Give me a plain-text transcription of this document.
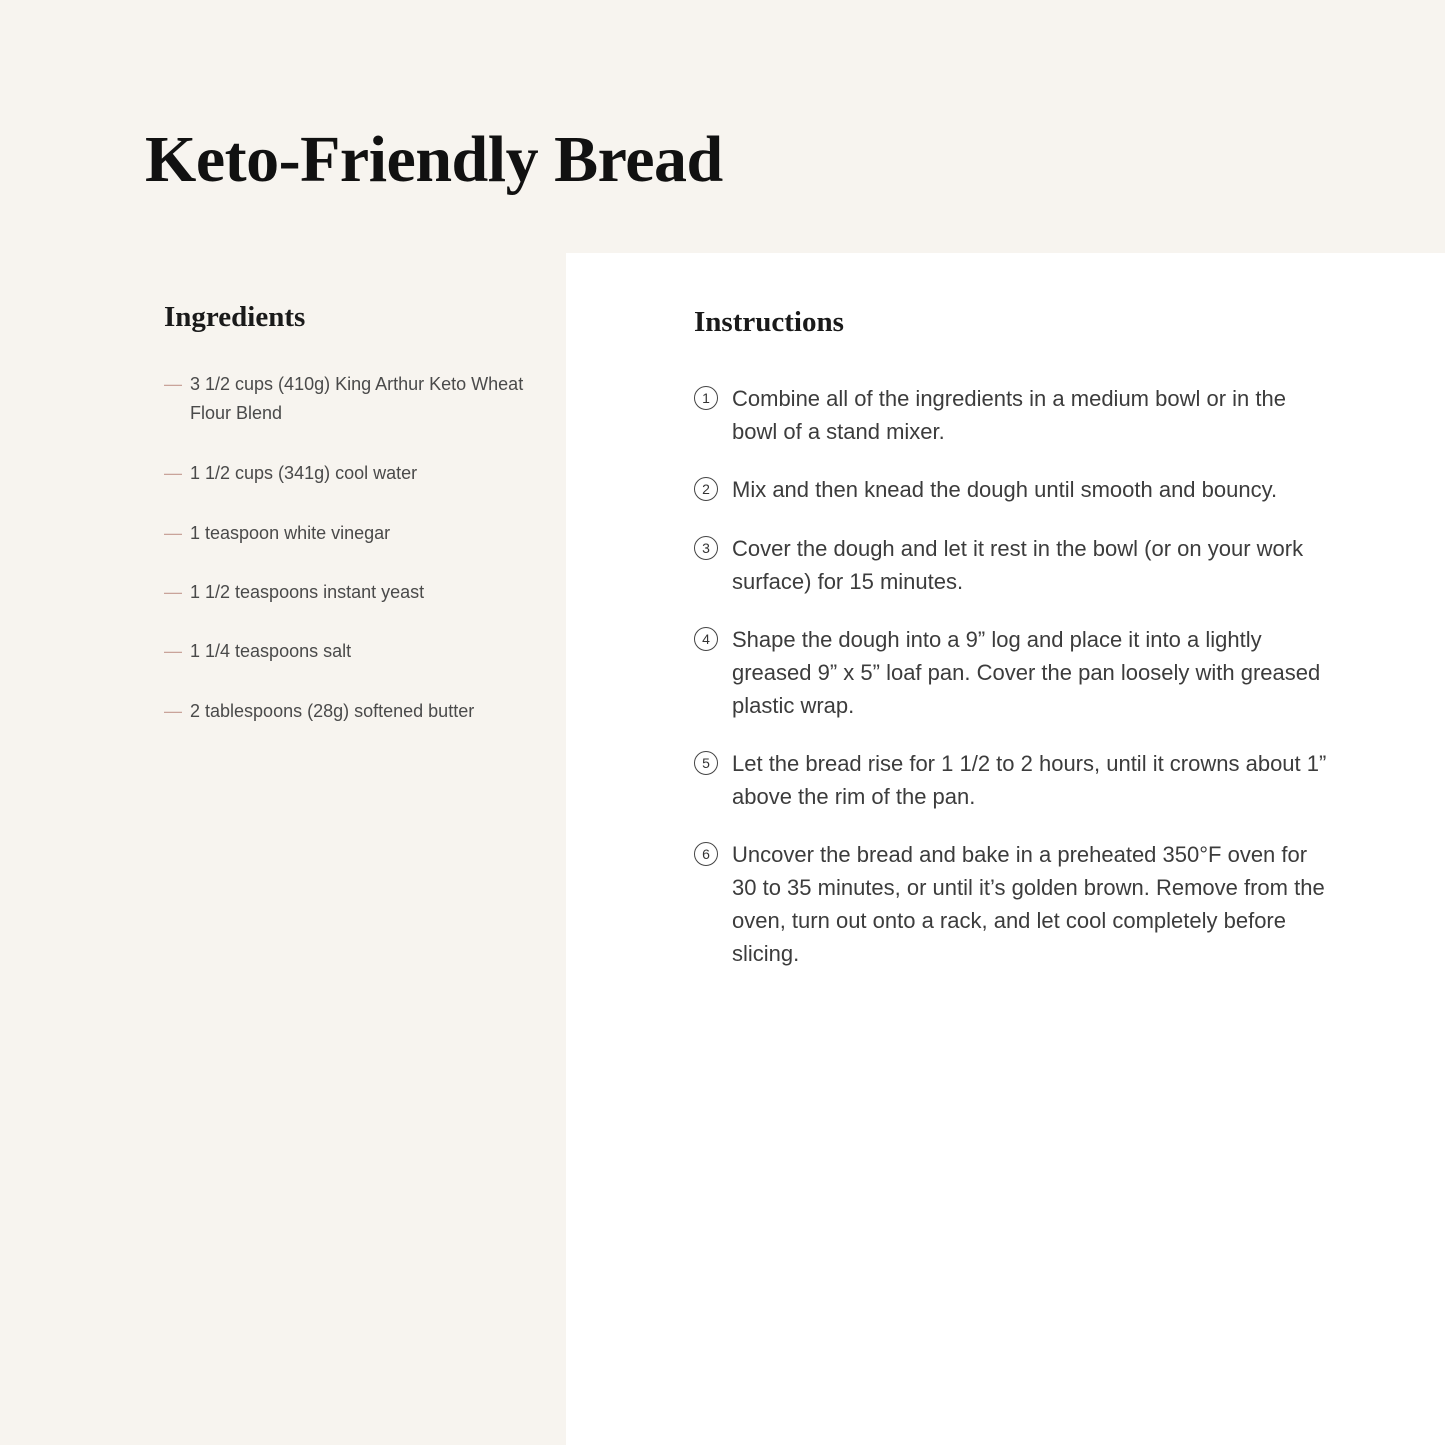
Keto-Friendly Bread
Ingredients
— 3 1/2 cups (410g) King Arthur Keto Wheat Flour Blend
— 1 1/2 cups (341g) cool water
— 1 teaspoon white vinegar
— 1 1/2 teaspoons instant yeast
— 1 1/4 teaspoons salt
— 2 tablespoons (28g) softened butter
Instructions
1	Combine all of the ingredients in a medium bowl or in the bowl of a stand mixer.
2	Mix and then knead the dough until smooth and bouncy.
3	Cover the dough and let it rest in the bowl (or on your work surface) for 15 minutes.
4	Shape the dough into a 9” log and place it into a lightly greased 9” x 5” loaf pan. Cover the pan loosely with greased plastic wrap.
5	Let the bread rise for 1 1/2 to 2 hours, until it crowns about 1” above the rim of the pan.
6	Uncover the bread and bake in a preheated 350°F oven for 30 to 35 minutes, or until it’s golden brown. Remove from the oven, turn out onto a rack, and let cool completely before slicing.
